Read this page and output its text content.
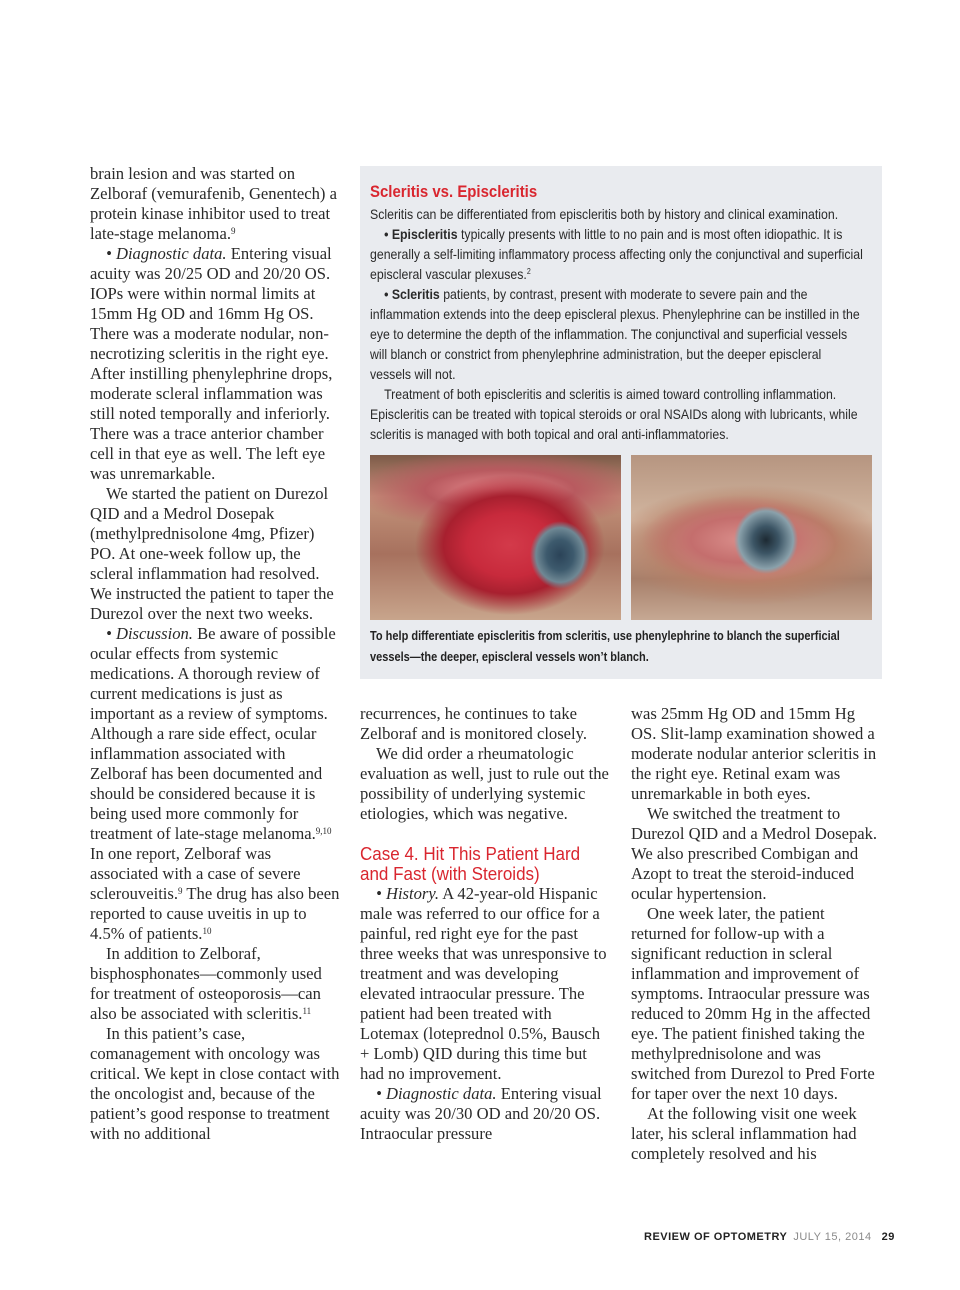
brain lesion and was started on Zelboraf (vemurafenib, Genentech) a protein kinase inhibitor used to treat late-stage melanoma.$^9$

• Diagnostic data. Entering visual acuity was 20/25 OD and 20/20 OS. IOPs were within normal limits at 15mm Hg OD and 16mm Hg OS. There was a moderate nodular, non-necrotizing scleritis in the right eye. After instilling phenylephrine drops, moderate scleral inflammation was still noted temporally and inferiorly. There was a trace anterior chamber cell in that eye as well. The left eye was unremarkable.

We started the patient on Durezol QID and a Medrol Dosepak (methylprednisolone 4mg, Pfizer) PO. At one-week follow up, the scleral inflammation had resolved. We instructed the patient to taper the Durezol over the next two weeks.

• Discussion. Be aware of possible ocular effects from systemic medications. A thorough review of current medications is just as important as a review of symptoms. Although a rare side effect, ocular inflammation associated with Zelboraf has been documented and should be considered because it is being used more commonly for treatment of late-stage melanoma.$^{9,10}$ In one report, Zelboraf was associated with a case of severe sclerouveitis.$^9$ The drug has also been reported to cause uveitis in up to 4.5% of patients.$^{10}$

In addition to Zelboraf, bisphosphonates—commonly used for treatment of osteoporosis—can also be associated with scleritis.$^{11}$

In this patient’s case, comanagement with oncology was critical. We kept in close contact with the oncologist and, because of the patient’s good response to treatment with no additional

Scleritis vs. Episcleritis

Scleritis can be differentiated from episcleritis both by history and clinical examination.

• Episcleritis typically presents with little to no pain and is most often idiopathic. It is generally a self-limiting inflammatory process affecting only the conjunctival and superficial episcleral vascular plexuses.$^2$

• Scleritis patients, by contrast, present with moderate to severe pain and the inflammation extends into the deep episcleral plexus. Phenylephrine can be instilled in the eye to determine the depth of the inflammation. The conjunctival and superficial vessels will blanch or constrict from phenylephrine administration, but the deeper episcleral vessels will not.

Treatment of both episcleritis and scleritis is aimed toward controlling inflammation. Episcleritis can be treated with topical steroids or oral NSAIDs along with lubricants, while scleritis is managed with both topical and oral anti-inflammatories.

To help differentiate episcleritis from scleritis, use phenylephrine to blanch the superficial vessels—the deeper, episcleral vessels won’t blanch.

recurrences, he continues to take Zelboraf and is monitored closely.

We did order a rheumatologic evaluation as well, just to rule out the possibility of underlying systemic etiologies, which was negative.

Case 4. Hit This Patient Hard and Fast (with Steroids)

• History. A 42-year-old Hispanic male was referred to our office for a painful, red right eye for the past three weeks that was unresponsive to treatment and was developing elevated intraocular pressure. The patient had been treated with Lotemax (loteprednol 0.5%, Bausch + Lomb) QID during this time but had no improvement.

• Diagnostic data. Entering visual acuity was 20/30 OD and 20/20 OS. Intraocular pressure

was 25mm Hg OD and 15mm Hg OS. Slit-lamp examination showed a moderate nodular anterior scleritis in the right eye. Retinal exam was unremarkable in both eyes.

We switched the treatment to Durezol QID and a Medrol Dosepak. We also prescribed Combigan and Azopt to treat the steroid-induced ocular hypertension.

One week later, the patient returned for follow-up with a significant reduction in scleral inflammation and improvement of symptoms. Intraocular pressure was reduced to 20mm Hg in the affected eye. The patient finished taking the methylprednisolone and was switched from Durezol to Pred Forte for taper over the next 10 days.

At the following visit one week later, his scleral inflammation had completely resolved and his

REVIEW OF OPTOMETRY JULY 15, 2014 29
